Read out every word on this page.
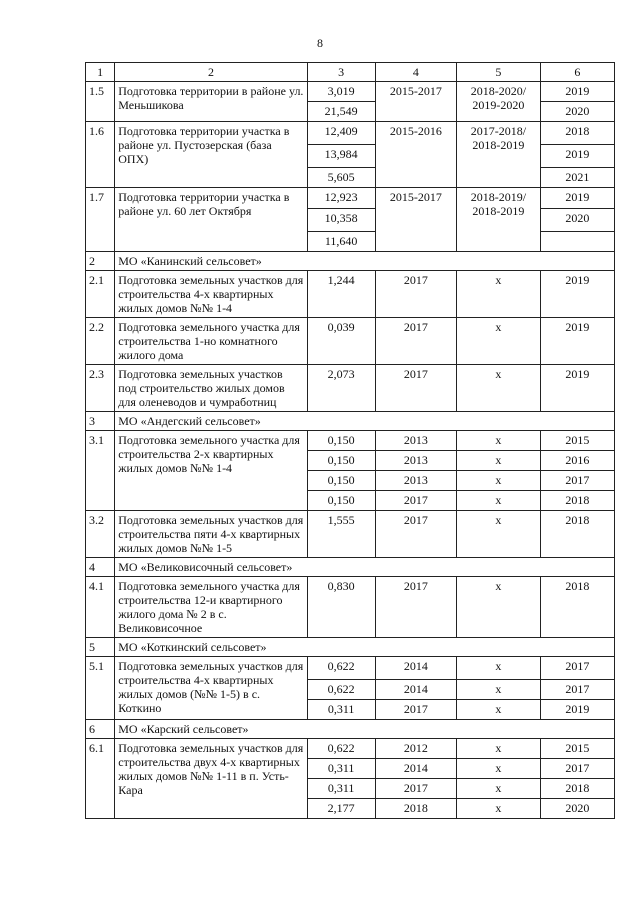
8
1	2	3	4	5	6
1.5	Подготовка территории в районе ул. Меньшикова	3,019	2015-2017	2018-2020/ 2019-2020	2019
		21,549			2020
1.6	Подготовка территории участка в районе ул. Пустозерская (база ОПХ)	12,409	2015-2016	2017-2018/ 2018-2019	2018
		13,984			2019
		5,605			2021
1.7	Подготовка территории участка в районе ул. 60 лет Октября	12,923	2015-2017	2018-2019/ 2018-2019	2019
		10,358			2020
		11,640			
2	МО «Канинский сельсовет»				
2.1	Подготовка земельных участков для строительства 4-х квартирных жилых домов №№ 1-4	1,244	2017	х	2019
2.2	Подготовка земельного участка для строительства 1-но комнатного жилого дома	0,039	2017	х	2019
2.3	Подготовка земельных участков под строительство жилых домов для оленеводов и чумработниц	2,073	2017	х	2019
3	МО «Андегский сельсовет»				
3.1	Подготовка земельного участка для строительства 2-х квартирных жилых домов №№ 1-4	0,150	2013	х	2015
		0,150	2013	х	2016
		0,150	2013	х	2017
		0,150	2017	х	2018
3.2	Подготовка земельных участков для строительства пяти 4-х квартирных жилых домов №№ 1-5	1,555	2017	х	2018
4	МО «Великовисочный сельсовет»				
4.1	Подготовка земельного участка для строительства 12-и квартирного жилого дома № 2 в с. Великовисочное	0,830	2017	х	2018
5	МО «Коткинский сельсовет»				
5.1	Подготовка земельных участков для строительства 4-х квартирных жилых домов (№№ 1-5) в с. Коткино	0,622	2014	х	2017
		0,622	2014	х	2017
		0,311	2017	х	2019
6	МО «Карский сельсовет»				
6.1	Подготовка земельных участков для строительства двух 4-х квартирных жилых домов №№ 1-11 в п. Усть-Кара	0,622	2012	х	2015
		0,311	2014	х	2017
		0,311	2017	х	2018
		2,177	2018	х	2020
